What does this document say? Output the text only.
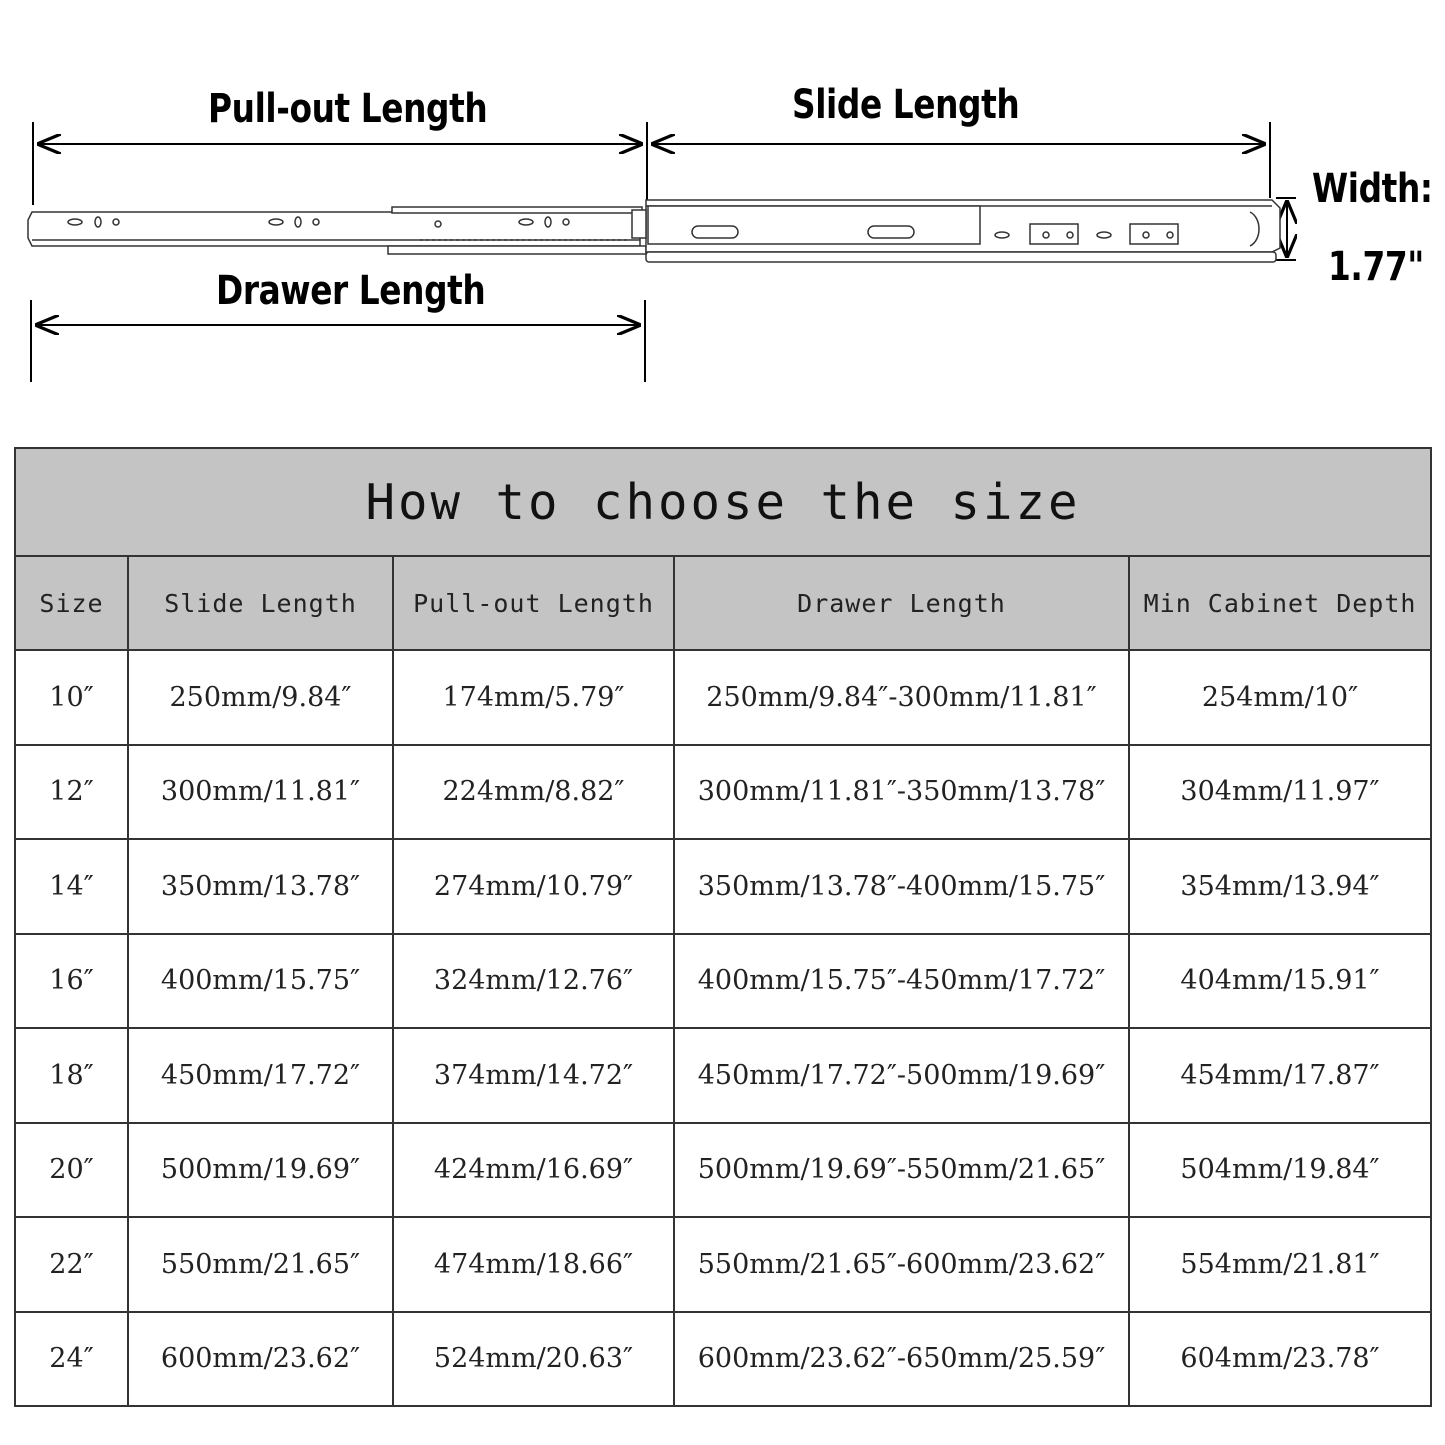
Pull-out Length	Slide Length
Drawer Length
Width:
1.77"
How to choose the size				
Size	Slide Length	Pull-out Length	Drawer Length	Min Cabinet Depth
10″	250mm/9.84″	174mm/5.79″	250mm/9.84″-300mm/11.81″	254mm/10″
12″	300mm/11.81″	224mm/8.82″	300mm/11.81″-350mm/13.78″	304mm/11.97″
14″	350mm/13.78″	274mm/10.79″	350mm/13.78″-400mm/15.75″	354mm/13.94″
16″	400mm/15.75″	324mm/12.76″	400mm/15.75″-450mm/17.72″	404mm/15.91″
18″	450mm/17.72″	374mm/14.72″	450mm/17.72″-500mm/19.69″	454mm/17.87″
20″	500mm/19.69″	424mm/16.69″	500mm/19.69″-550mm/21.65″	504mm/19.84″
22″	550mm/21.65″	474mm/18.66″	550mm/21.65″-600mm/23.62″	554mm/21.81″
24″	600mm/23.62″	524mm/20.63″	600mm/23.62″-650mm/25.59″	604mm/23.78″
